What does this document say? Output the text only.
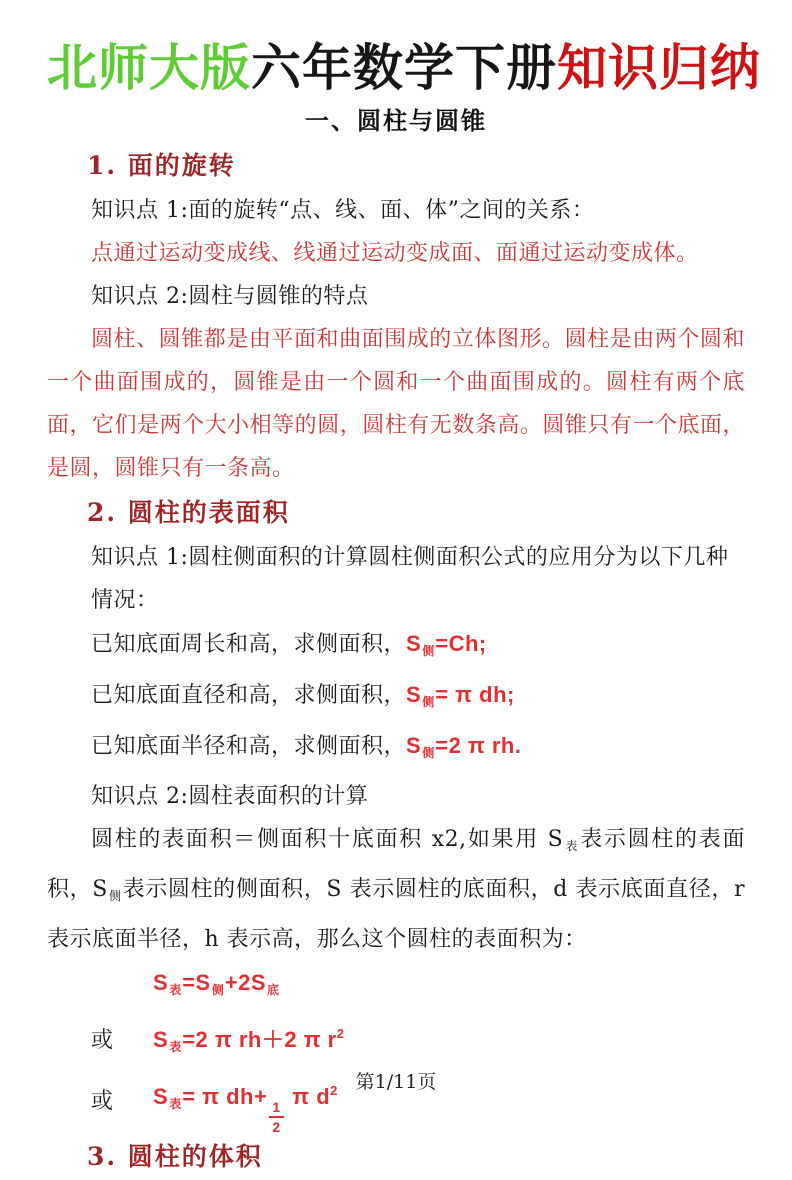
北师大版六年数学下册知识归纳
一、圆柱与圆锥
1. 面的旋转

知识点 1:面的旋转“点、线、面、体”之间的关系：

点通过运动变成线、线通过运动变成面、面通过运动变成体。

知识点 2:圆柱与圆锥的特点

圆柱、圆锥都是由平面和曲面围成的立体图形。圆柱是由两个圆和一个曲面围成的，圆锥是由一个圆和一个曲面围成的。圆柱有两个底面，它们是两个大小相等的圆，圆柱有无数条高。圆锥只有一个底面，是圆，圆锥只有一条高。

2. 圆柱的表面积

知识点 1:圆柱侧面积的计算圆柱侧面积公式的应用分为以下几种情况：

已知底面周长和高，求侧面积，$S_侧=Ch$;

已知底面直径和高，求侧面积，$S_侧= \pi$ dh;

已知底面半径和高，求侧面积，$S_侧=2$ π rh.

知识点 2:圆柱表面积的计算

圆柱的表面积＝侧面积十底面积 x2,如果用 S表表示圆柱的表面积，S侧表示圆柱的侧面积，S 表示圆柱的底面积，d 表示底面直径，r 表示底面半径，h 表示高，那么这个圆柱的表面积为：

$S_表=S_侧+2S_底$

或	$S_表=2$ π rh＋2 π $r^2$

或	$S_表= \pi$ dh+
$\frac{1}{2}$
π $d^2$

3. 圆柱的体积
第1/11页
